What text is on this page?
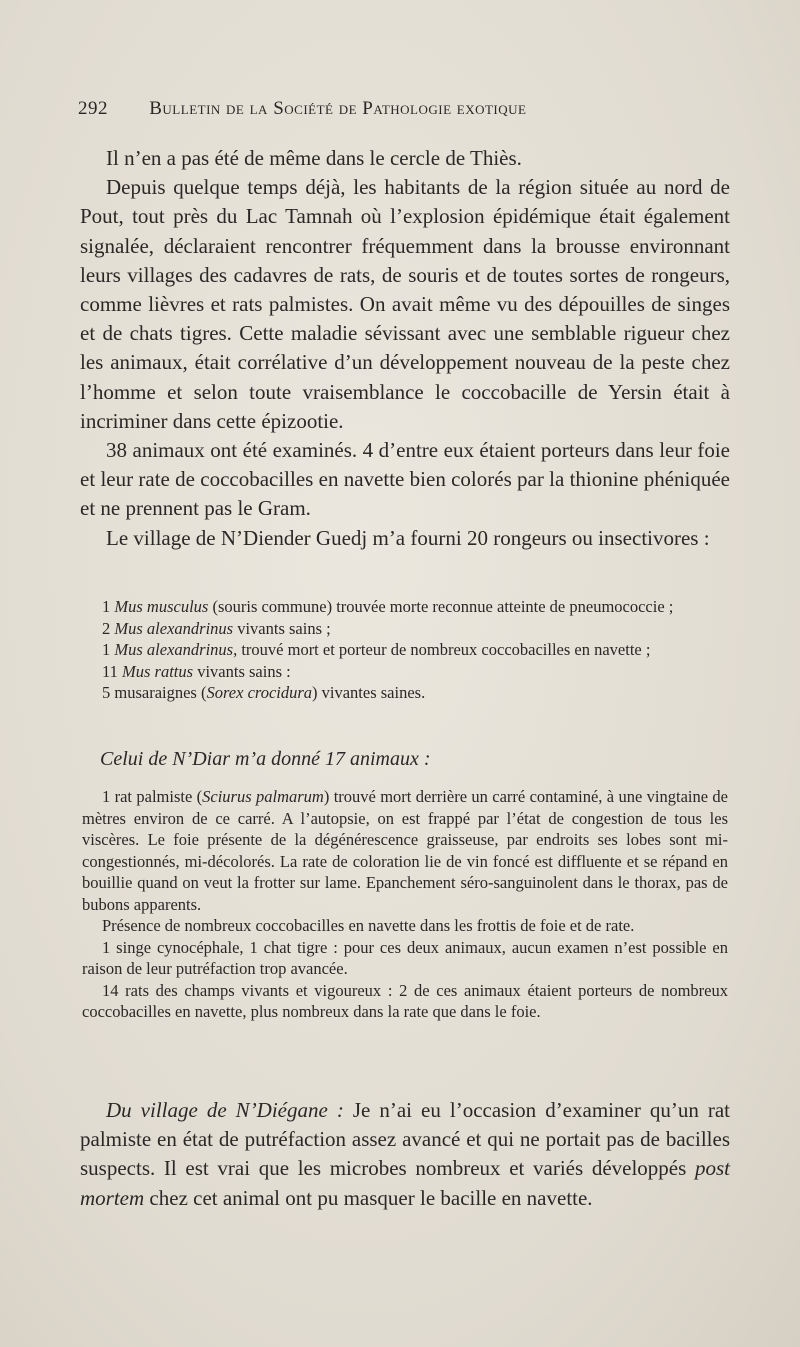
292 Bulletin de la Société de Pathologie exotique

Il n’en a pas été de même dans le cercle de Thiès.

Depuis quelque temps déjà, les habitants de la région située au nord de Pout, tout près du Lac Tamnah où l’explosion épidémique était également signalée, déclaraient rencontrer fréquemment dans la brousse environnant leurs villages des cadavres de rats, de souris et de toutes sortes de rongeurs, comme lièvres et rats palmistes. On avait même vu des dépouilles de singes et de chats tigres. Cette maladie sévissant avec une semblable rigueur chez les animaux, était corrélative d’un développement nouveau de la peste chez l’homme et selon toute vraisemblance le coccobacille de Yersin était à incriminer dans cette épizootie.

38 animaux ont été examinés. 4 d’entre eux étaient porteurs dans leur foie et leur rate de coccobacilles en navette bien colorés par la thionine phéniquée et ne prennent pas le Gram.

Le village de N’Diender Guedj m’a fourni 20 rongeurs ou insectivores :

1 Mus musculus (souris commune) trouvée morte reconnue atteinte de pneumococcie ;

2 Mus alexandrinus vivants sains ;

1 Mus alexandrinus, trouvé mort et porteur de nombreux coccobacilles en navette ;

11 Mus rattus vivants sains :

5 musaraignes (Sorex crocidura) vivantes saines.

Celui de N’Diar m’a donné 17 animaux :

1 rat palmiste (Sciurus palmarum) trouvé mort derrière un carré contaminé, à une vingtaine de mètres environ de ce carré. A l’autopsie, on est frappé par l’état de congestion de tous les viscères. Le foie présente de la dégénérescence graisseuse, par endroits ses lobes sont mi-congestionnés, mi-décolorés. La rate de coloration lie de vin foncé est diffluente et se répand en bouillie quand on veut la frotter sur lame. Epanchement séro-sanguinolent dans le thorax, pas de bubons apparents.

Présence de nombreux coccobacilles en navette dans les frottis de foie et de rate.

1 singe cynocéphale, 1 chat tigre : pour ces deux animaux, aucun examen n’est possible en raison de leur putréfaction trop avancée.

14 rats des champs vivants et vigoureux : 2 de ces animaux étaient porteurs de nombreux coccobacilles en navette, plus nombreux dans la rate que dans le foie.

Du village de N’Diégane : Je n’ai eu l’occasion d’examiner qu’un rat palmiste en état de putréfaction assez avancé et qui ne portait pas de bacilles suspects. Il est vrai que les microbes nombreux et variés développés post mortem chez cet animal ont pu masquer le bacille en navette.
